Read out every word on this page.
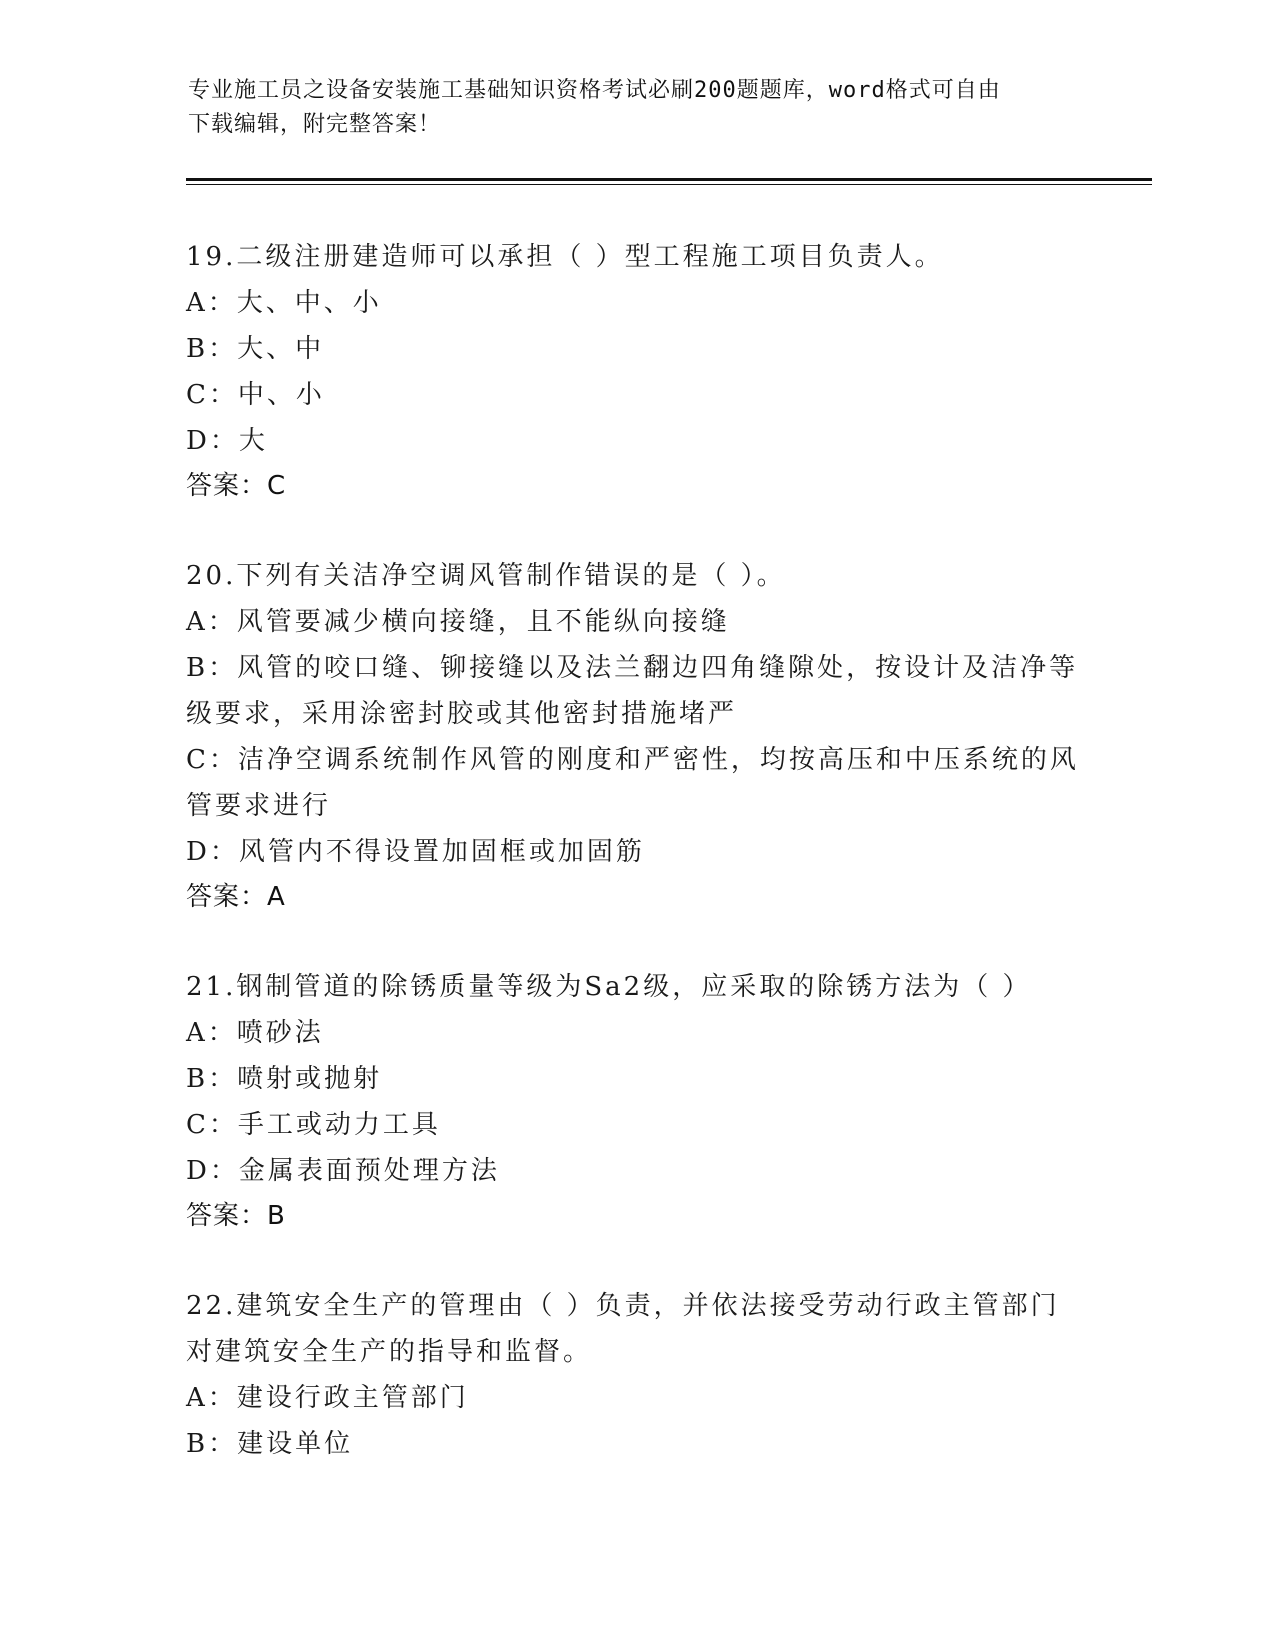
专业施工员之设备安装施工基础知识资格考试必刷200题题库，word格式可自由
下载编辑，附完整答案！
19.二级注册建造师可以承担（ ）型工程施工项目负责人。
A：大、中、小
B：大、中
C：中、小
D：大
答案：C
20.下列有关洁净空调风管制作错误的是（ ）。
A：风管要减少横向接缝，且不能纵向接缝
B：风管的咬口缝、铆接缝以及法兰翻边四角缝隙处，按设计及洁净等
级要求，采用涂密封胶或其他密封措施堵严
C：洁净空调系统制作风管的刚度和严密性，均按高压和中压系统的风
管要求进行
D：风管内不得设置加固框或加固筋
答案：A
21.钢制管道的除锈质量等级为Sa2级，应采取的除锈方法为（ ）
A：喷砂法
B：喷射或抛射
C：手工或动力工具
D：金属表面预处理方法
答案：B
22.建筑安全生产的管理由（ ）负责，并依法接受劳动行政主管部门
对建筑安全生产的指导和监督。
A：建设行政主管部门
B：建设单位
